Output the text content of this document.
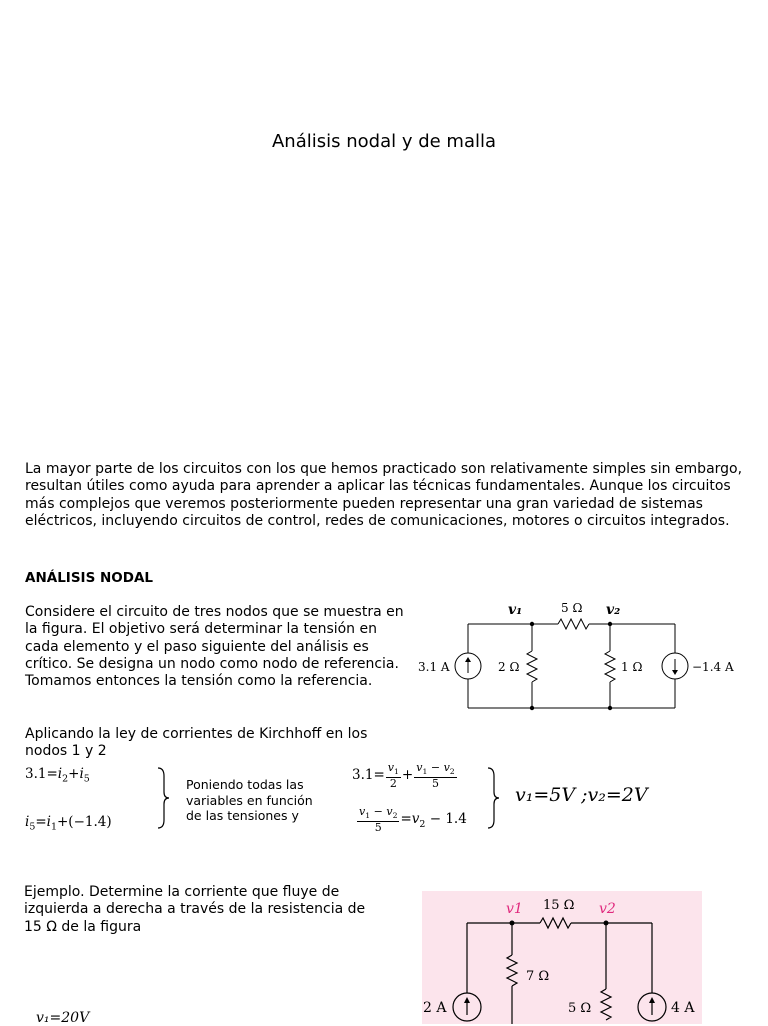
Análisis nodal y de malla
La mayor parte de los circuitos con los que hemos practicado son relativamente simples sin embargo, resultan útiles como ayuda para aprender a aplicar las técnicas fundamentales. Aunque los circuitos más complejos que veremos posteriormente pueden representar una gran variedad de sistemas eléctricos, incluyendo circuitos de control, redes de comunicaciones, motores o circuitos integrados.
ANÁLISIS NODAL
Considere el circuito de tres nodos que se muestra en la figura. El objetivo será determinar la tensión en cada elemento y el paso siguiente del análisis es crítico. Se designa un nodo como nodo de referencia. Tomamos entonces la tensión como la referencia.
Aplicando la ley de corrientes de Kirchhoff en los nodos 1 y 2
$3.1=i_2+i_5$
$i_5=i_1+(-1.4)$
Poniendo todas las variables en función de las tensiones y
$3.1= \frac{v_1}{2} + \frac{v_1 - v_2}{5}$
$\frac{v_1 - v_2}{5} =v_2 - 1.4$
v₁=5V ;v₂=2V
v₁	v₂
5 Ω
2 Ω	1 Ω
3.1 A	−1.4 A
Ejemplo. Determine la corriente que fluye de izquierda a derecha a través de la resistencia de 15 Ω de la figura
v₁=20V
v1	v2
15 Ω
7 Ω
5 Ω
2 A	4 A
